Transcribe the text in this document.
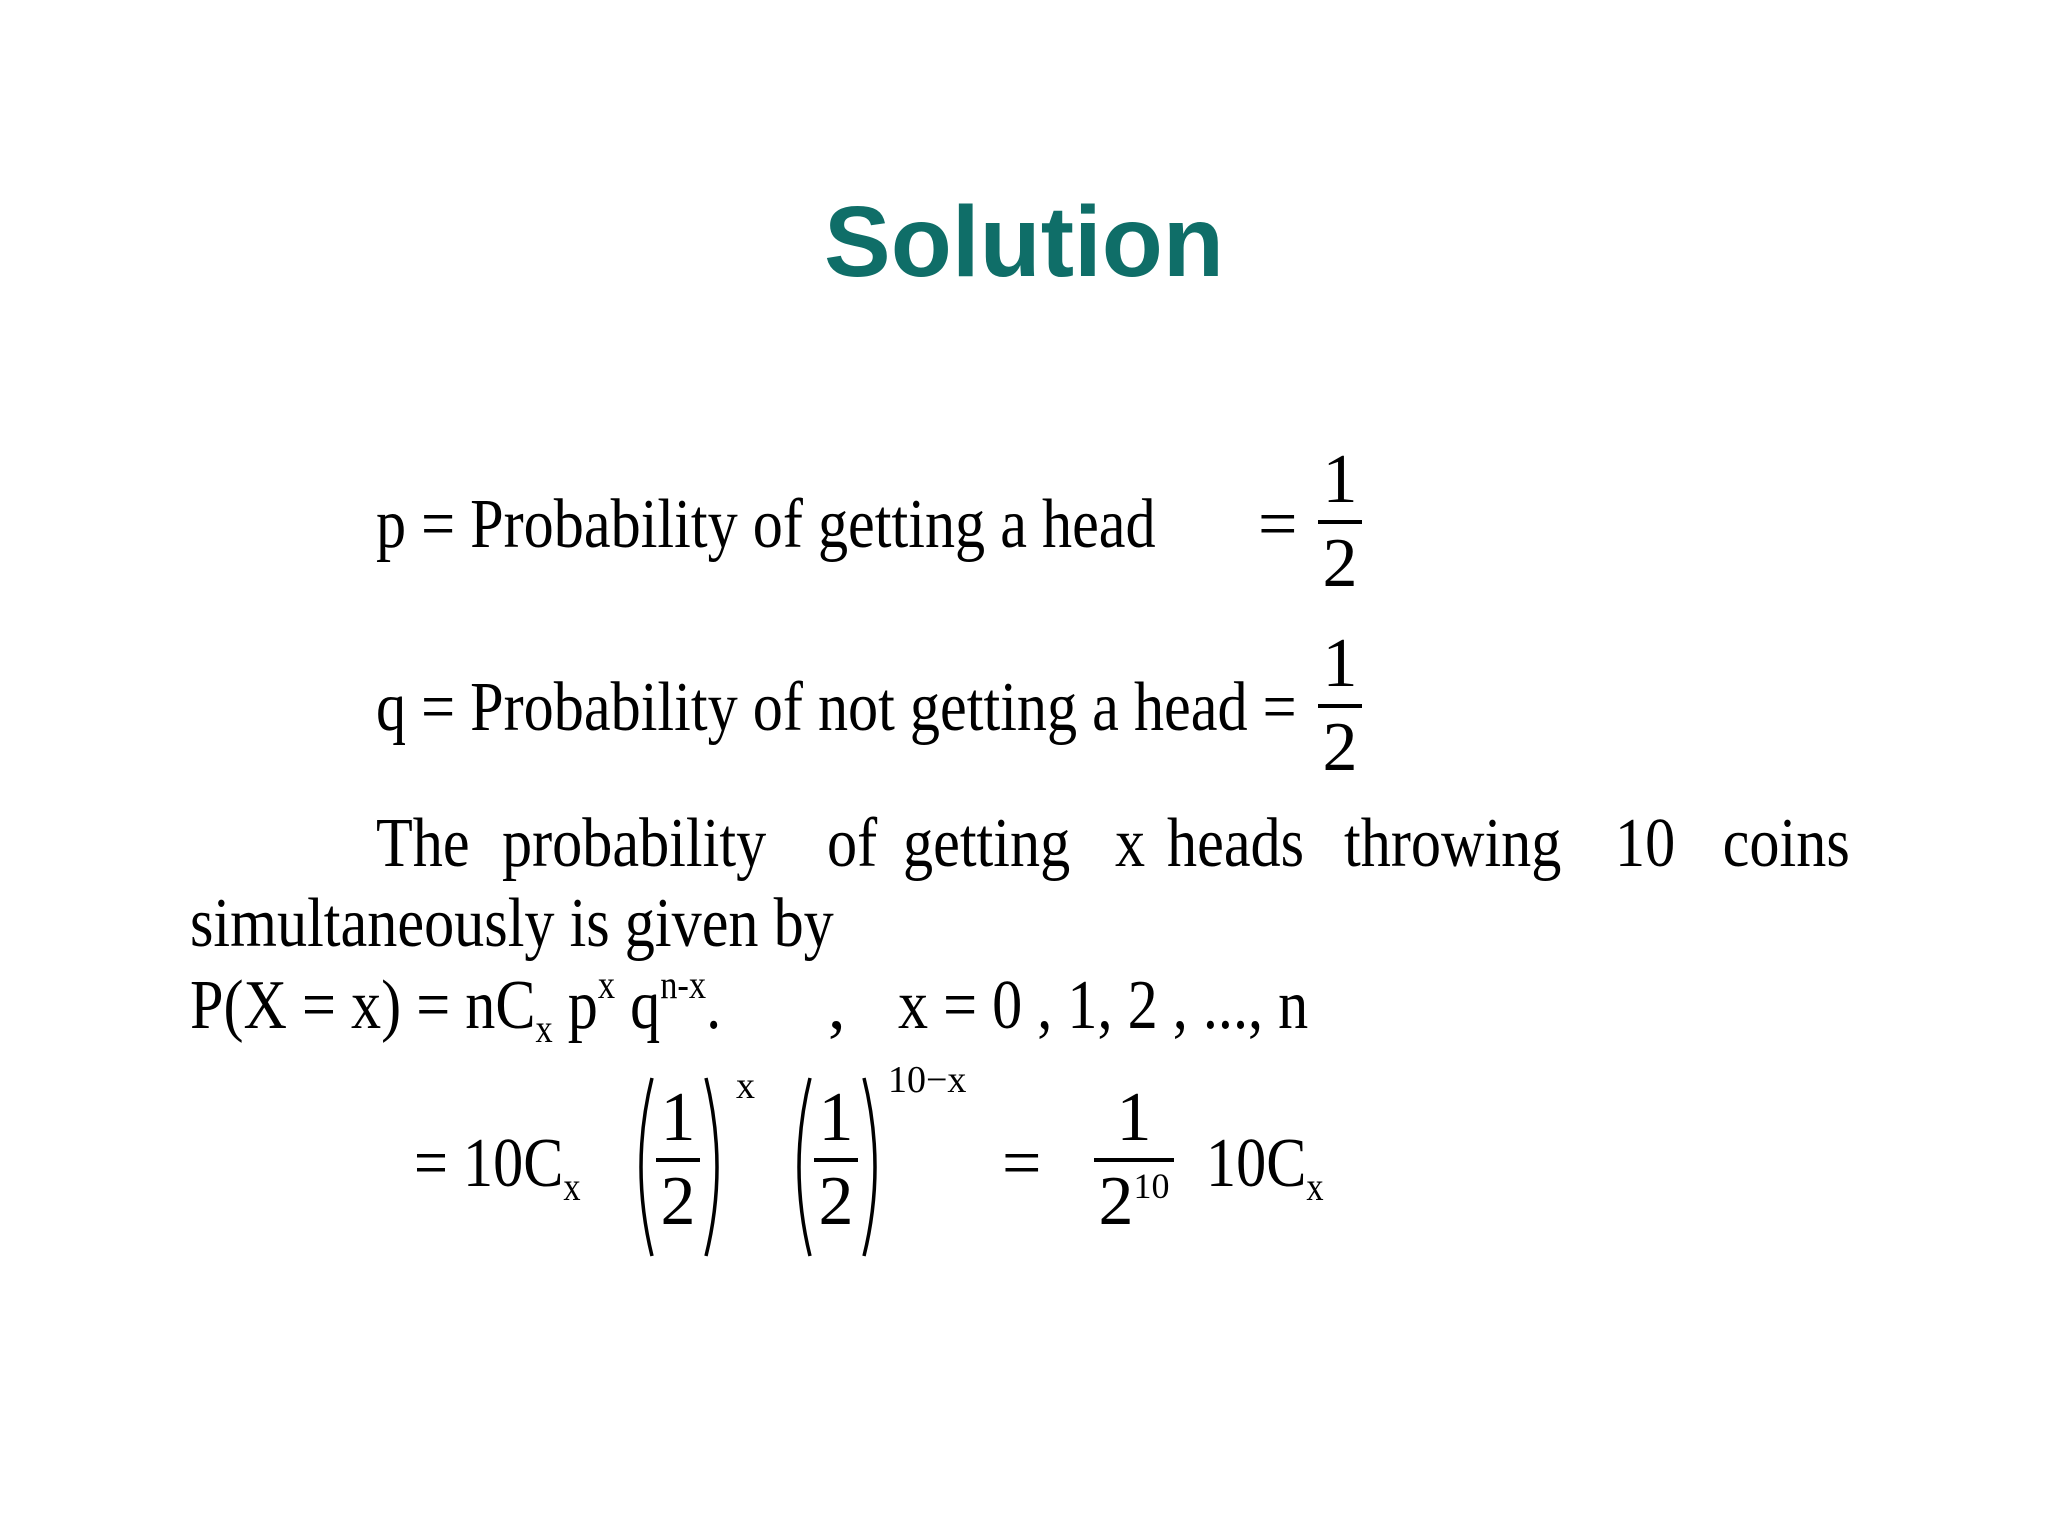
Solution
p = Probability of getting a head	=
1
2
q = Probability of not getting a head =
1
2
The probability of getting x heads throwing 10 coins
simultaneously is given by
$P(X = x) = nC_x$ $p^x$ $q^{n-x}$.	, x = 0 , 1, 2 , ..., n
= $10C_x$
1
2
x 1
2
10−x
=
1
$2^{10}$ $10C_x$
